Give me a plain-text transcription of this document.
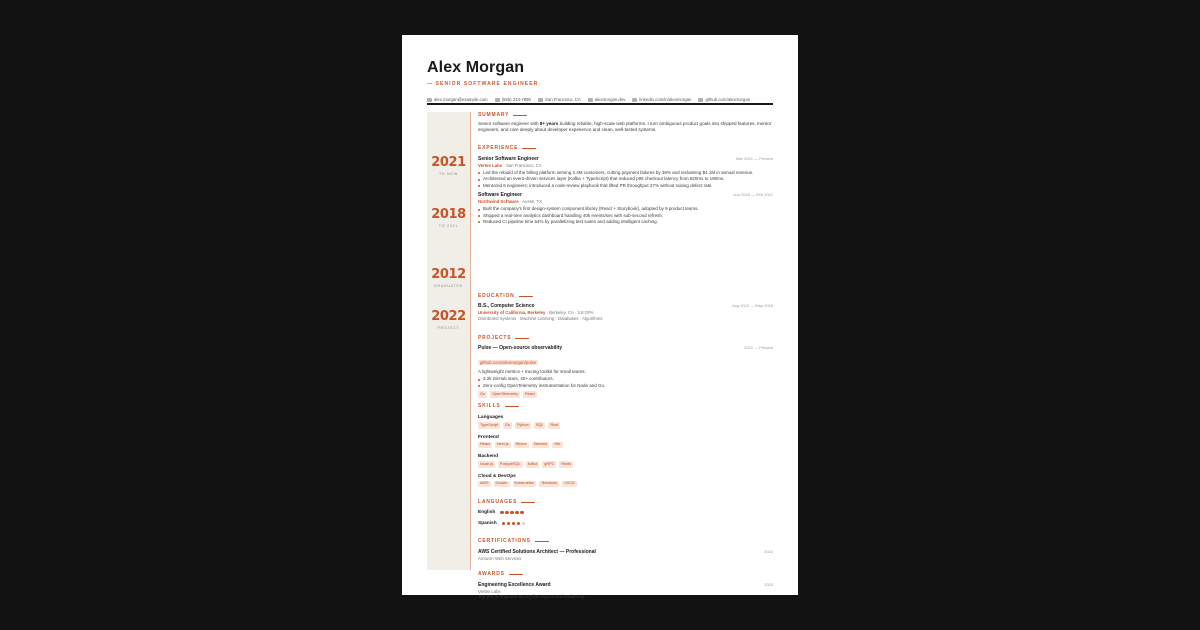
Alex Morgan
— SENIOR SOFTWARE ENGINEER
alex.morgan@example.com	(555) 234-7890	San Francisco, CA	alexmorgan.dev	linkedin.com/in/alexmorgan	github.com/alexmorgan
2021
TO NOW
2018
TO 2021
2012
GRADUATED
2022
PROJECT
SUMMARY
Senior software engineer with 8+ years building reliable, high-scale web platforms. I turn ambiguous product goals into shipped features, mentor engineers, and care deeply about developer experience and clean, well-tested systems.
EXPERIENCE
Senior Software Engineer	Mar 2021 — Present
Vertex Labs · San Francisco, CA
Led the rebuild of the billing platform serving 2.4M customers, cutting payment failures by 38% and reclaiming $4.1M in annual revenue.
Architected an event-driven services layer (Kafka + TypeScript) that reduced p95 checkout latency from 820ms to 190ms.
Mentored 6 engineers; introduced a code-review playbook that lifted PR throughput 27% without raising defect rate.
Software Engineer	Jun 2018 — Feb 2021
Northwind Software · Austin, TX
Built the company's first design-system component library (React + Storybook), adopted by 9 product teams.
Shipped a real-time analytics dashboard handling 40k events/sec with sub-second refresh.
Reduced CI pipeline time 64% by parallelizing test suites and adding intelligent caching.
EDUCATION
B.S., Computer Science	Aug 2012 — May 2016
University of California, Berkeley · Berkeley, CA · 3.8 GPA
Distributed Systems · Machine Learning · Databases · Algorithms
PROJECTS
Pulse — Open-source observability	2022 — Present
github.com/alexmorgan/pulse
A lightweight metrics + tracing toolkit for small teams.
3.2k GitHub stars, 40+ contributors.
Zero-config OpenTelemetry instrumentation for Node and Go.
Go	OpenTelemetry	React
SKILLS
Languages
TypeScript	Go	Python	SQL	Rust
Frontend
React	Next.js	Redux	Tailwind	Vite
Backend
Node.js	PostgreSQL	Kafka	gRPC	Redis
Cloud & DevOps
AWS	Docker	Kubernetes	Terraform	CI/CD
LANGUAGES
English
Spanish
CERTIFICATIONS
AWS Certified Solutions Architect — Professional	2022
Amazon Web Services
AWARDS
Engineering Excellence Award	2023
Vertex Labs
Top 2% of engineering org for impact and leadership.
